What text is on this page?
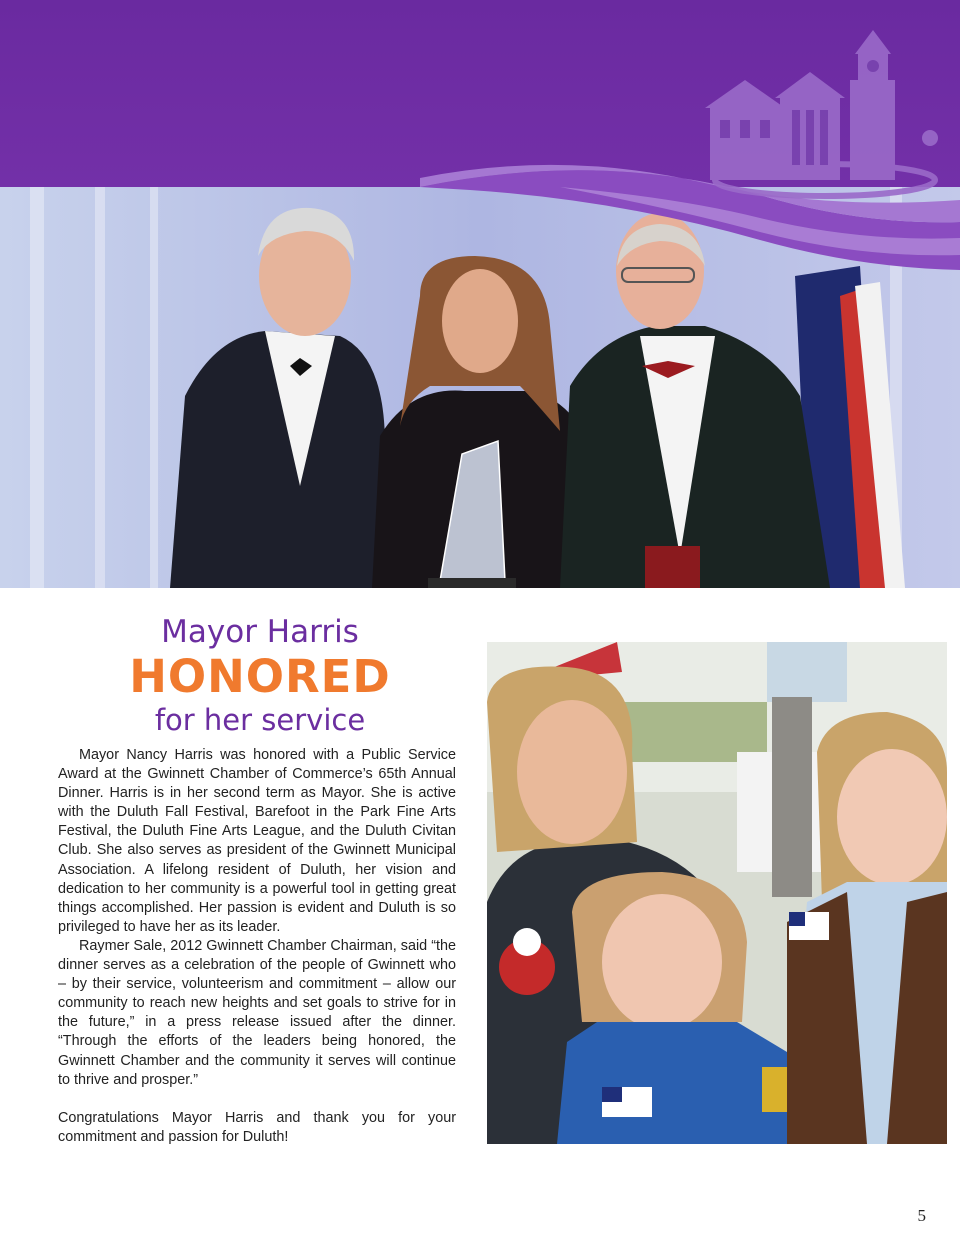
Mayor Harris
HONORED
for her service

Mayor Nancy Harris was honored with a Public Service Award at the Gwinnett Chamber of Commerce’s 65th Annual Dinner. Harris is in her second term as Mayor. She is active with the Duluth Fall Festival, Barefoot in the Park Fine Arts Festival, the Duluth Fine Arts League, and the Duluth Civitan Club. She also serves as president of the Gwinnett Municipal Association. A lifelong resident of Duluth, her vision and dedication to her community is a powerful tool in getting great things accomplished. Her passion is evident and Duluth is so privileged to have her as its leader.

Raymer Sale, 2012 Gwinnett Chamber Chairman, said “the dinner serves as a celebration of the people of Gwinnett who – by their service, volunteerism and commitment – allow our community to reach new heights and set goals to strive for in the future,” in a press release issued after the dinner. “Through the efforts of the leaders being honored, the Gwinnett Chamber and the community it serves will continue to thrive and prosper.”

Congratulations Mayor Harris and thank you for your commitment and passion for Duluth!

5
